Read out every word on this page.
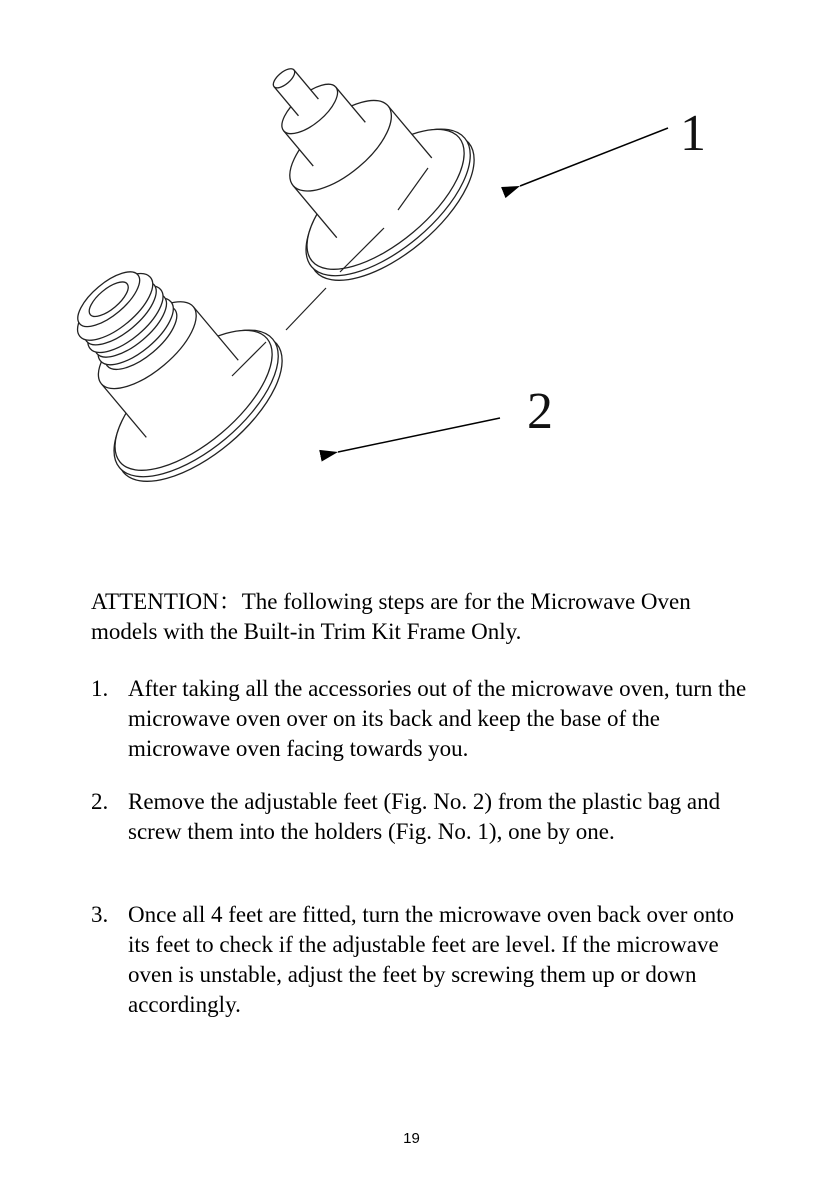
1
2
ATTENTION：The following steps are for the Microwave Oven models with the Built-in Trim Kit Frame Only.
1. After taking all the accessories out of the microwave oven, turn the microwave oven over on its back and keep the base of the microwave oven facing towards you.
2. Remove the adjustable feet (Fig. No. 2) from the plastic bag and screw them into the holders (Fig. No. 1), one by one.
3. Once all 4 feet are fitted, turn the microwave oven back over onto its feet to check if the adjustable feet are level. If the microwave oven is unstable, adjust the feet by screwing them up or down accordingly.
19
